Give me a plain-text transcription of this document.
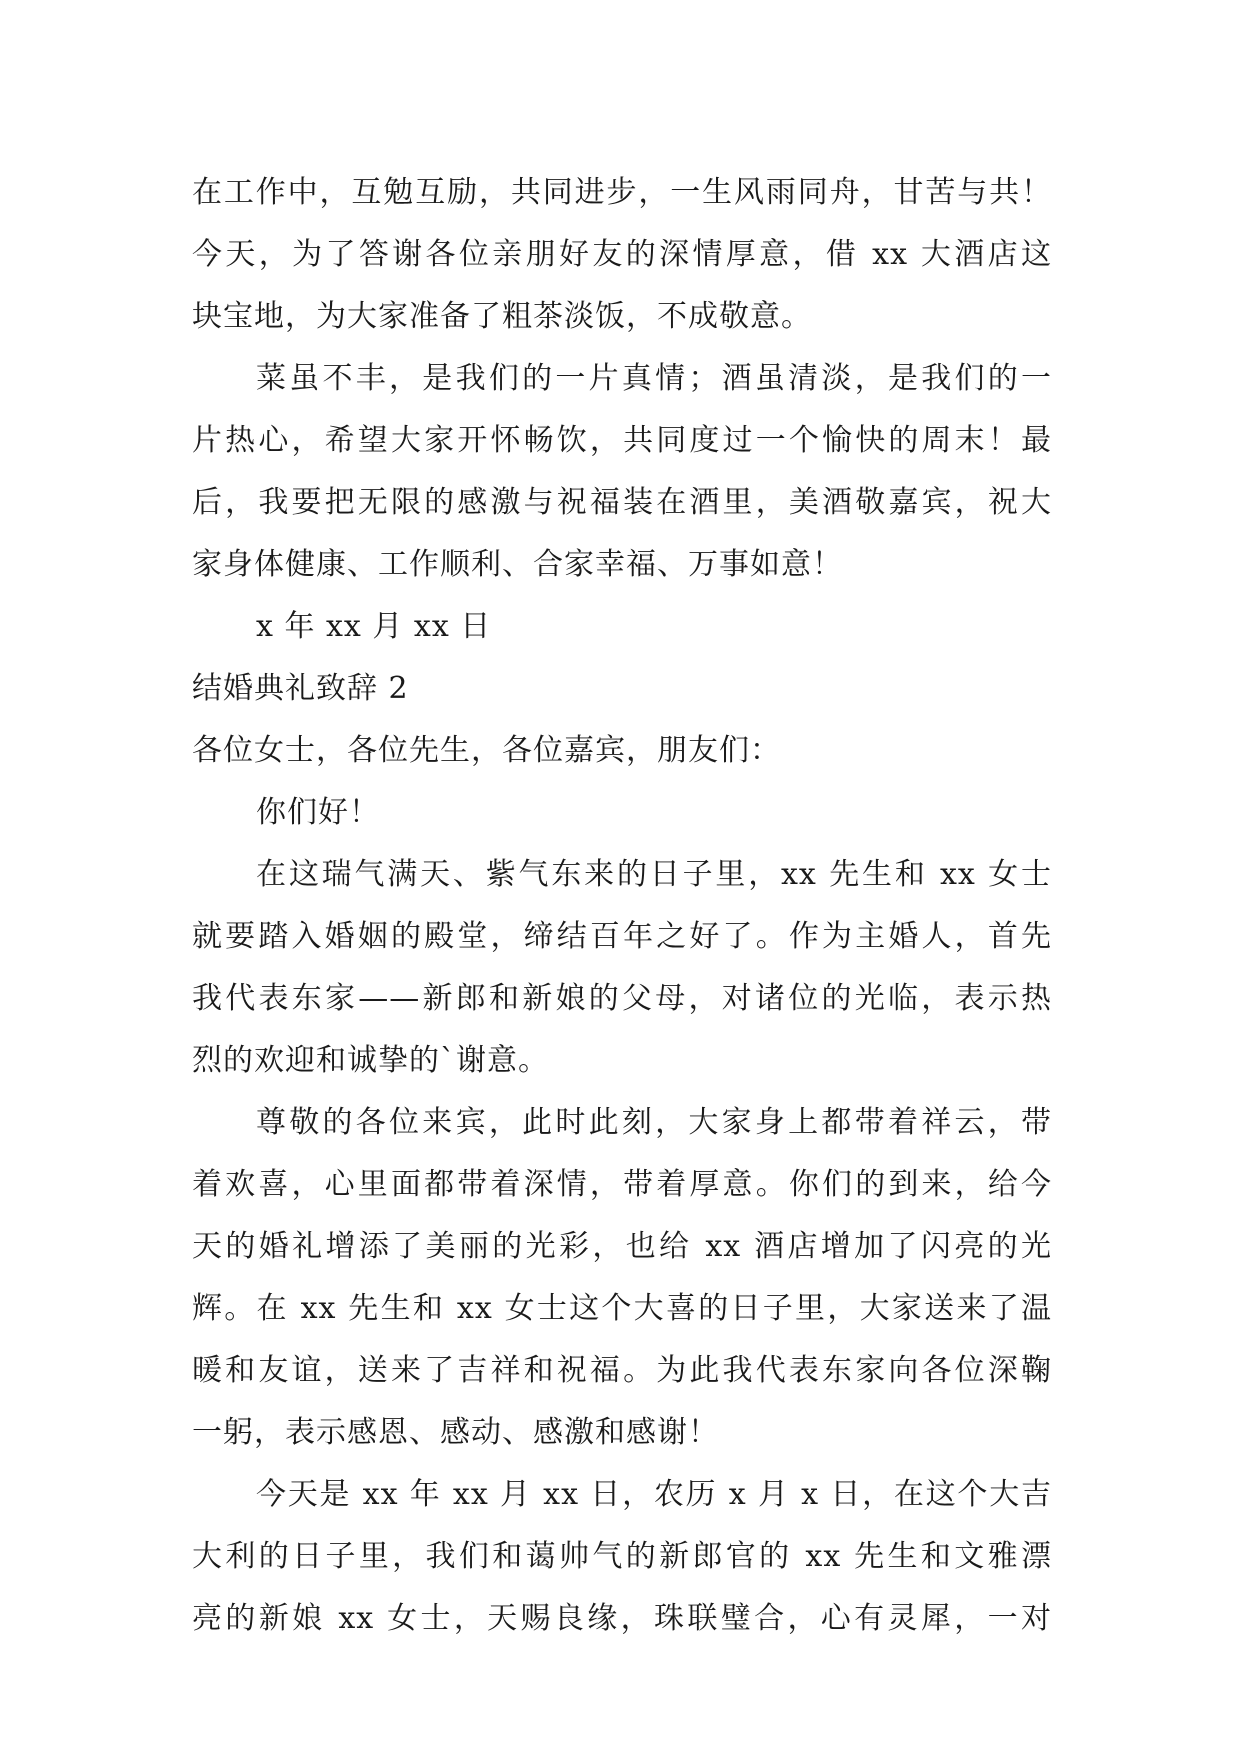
在工作中，互勉互励，共同进步，一生风雨同舟，甘苦与共！
今天，为了答谢各位亲朋好友的深情厚意，借 xx 大酒店这
块宝地，为大家准备了粗茶淡饭，不成敬意。
菜虽不丰，是我们的一片真情；酒虽清淡，是我们的一
片热心，希望大家开怀畅饮，共同度过一个愉快的周末！最
后，我要把无限的感激与祝福装在酒里，美酒敬嘉宾，祝大
家身体健康、工作顺利、合家幸福、万事如意！
x 年 xx 月 xx 日
结婚典礼致辞 2
各位女士，各位先生，各位嘉宾，朋友们：
你们好！
在这瑞气满天、紫气东来的日子里，xx 先生和 xx 女士
就要踏入婚姻的殿堂，缔结百年之好了。作为主婚人，首先
我代表东家——新郎和新娘的父母，对诸位的光临，表示热
烈的欢迎和诚挚的`谢意。
尊敬的各位来宾，此时此刻，大家身上都带着祥云，带
着欢喜，心里面都带着深情，带着厚意。你们的到来，给今
天的婚礼增添了美丽的光彩，也给 xx 酒店增加了闪亮的光
辉。在 xx 先生和 xx 女士这个大喜的日子里，大家送来了温
暖和友谊，送来了吉祥和祝福。为此我代表东家向各位深鞠
一躬，表示感恩、感动、感激和感谢！
今天是 xx 年 xx 月 xx 日，农历 x 月 x 日，在这个大吉
大利的日子里，我们和蔼帅气的新郎官的 xx 先生和文雅漂
亮的新娘 xx 女士，天赐良缘，珠联璧合，心有灵犀，一对
